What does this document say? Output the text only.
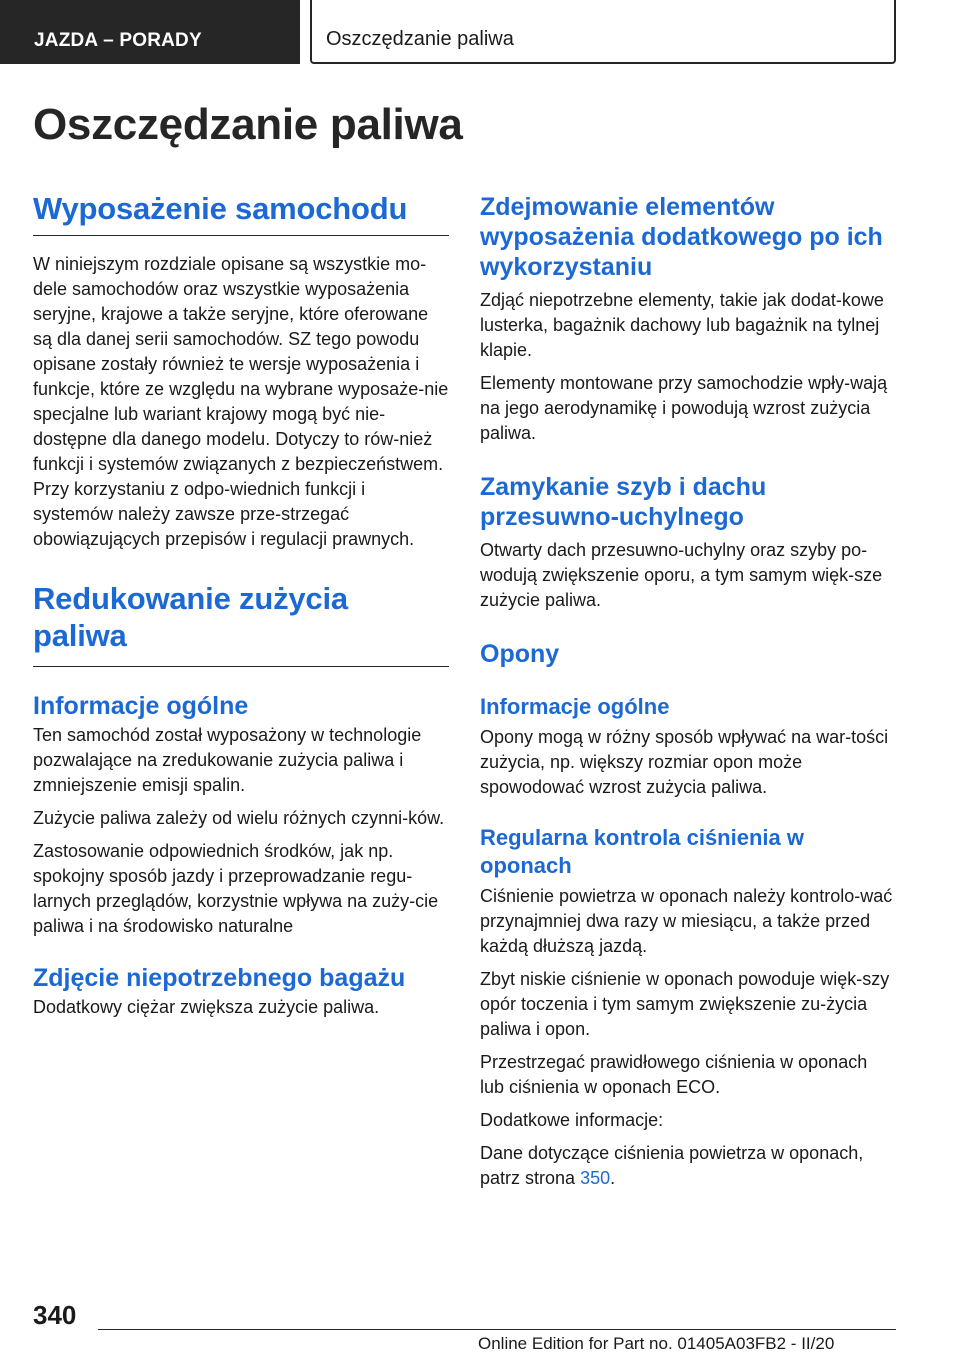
JAZDA – PORADY	Oszczędzanie paliwa
Oszczędzanie paliwa
Wyposażenie samochodu

W niniejszym rozdziale opisane są wszystkie mo-dele samochodów oraz wszystkie wyposażenia seryjne, krajowe a także seryjne, które oferowane są dla danej serii samochodów. SZ tego powodu opisane zostały również te wersje wyposażenia i funkcje, które ze względu na wybrane wyposaże-nie specjalne lub wariant krajowy mogą być nie-dostępne dla danego modelu. Dotyczy to rów-nież funkcji i systemów związanych z bezpieczeństwem. Przy korzystaniu z odpo-wiednich funkcji i systemów należy zawsze prze-strzegać obowiązujących przepisów i regulacji prawnych.

Redukowanie zużycia paliwa
Informacje ogólne

Ten samochód został wyposażony w technologie pozwalające na zredukowanie zużycia paliwa i zmniejszenie emisji spalin.

Zużycie paliwa zależy od wielu różnych czynni-ków.

Zastosowanie odpowiednich środków, jak np. spokojny sposób jazdy i przeprowadzanie regu-larnych przeglądów, korzystnie wpływa na zuży-cie paliwa i na środowisko naturalne

Zdjęcie niepotrzebnego bagażu

Dodatkowy ciężar zwiększa zużycie paliwa.

Zdejmowanie elementów wyposażenia dodatkowego po ich wykorzystaniu

Zdjąć niepotrzebne elementy, takie jak dodat-kowe lusterka, bagażnik dachowy lub bagażnik na tylnej klapie.

Elementy montowane przy samochodzie wpły-wają na jego aerodynamikę i powodują wzrost zużycia paliwa.

Zamykanie szyb i dachu przesuwno-uchylnego

Otwarty dach przesuwno-uchylny oraz szyby po-wodują zwiększenie oporu, a tym samym więk-sze zużycie paliwa.

Opony
Informacje ogólne

Opony mogą w różny sposób wpływać na war-tości zużycia, np. większy rozmiar opon może spowodować wzrost zużycia paliwa.

Regularna kontrola ciśnienia w oponach

Ciśnienie powietrza w oponach należy kontrolo-wać przynajmniej dwa razy w miesiącu, a także przed każdą dłuższą jazdą.

Zbyt niskie ciśnienie w oponach powoduje więk-szy opór toczenia i tym samym zwiększenie zu-życia paliwa i opon.

Przestrzegać prawidłowego ciśnienia w oponach lub ciśnienia w oponach ECO.

Dodatkowe informacje:

Dane dotyczące ciśnienia powietrza w oponach, patrz strona 350.

340
Online Edition for Part no. 01405A03FB2 - II/20
